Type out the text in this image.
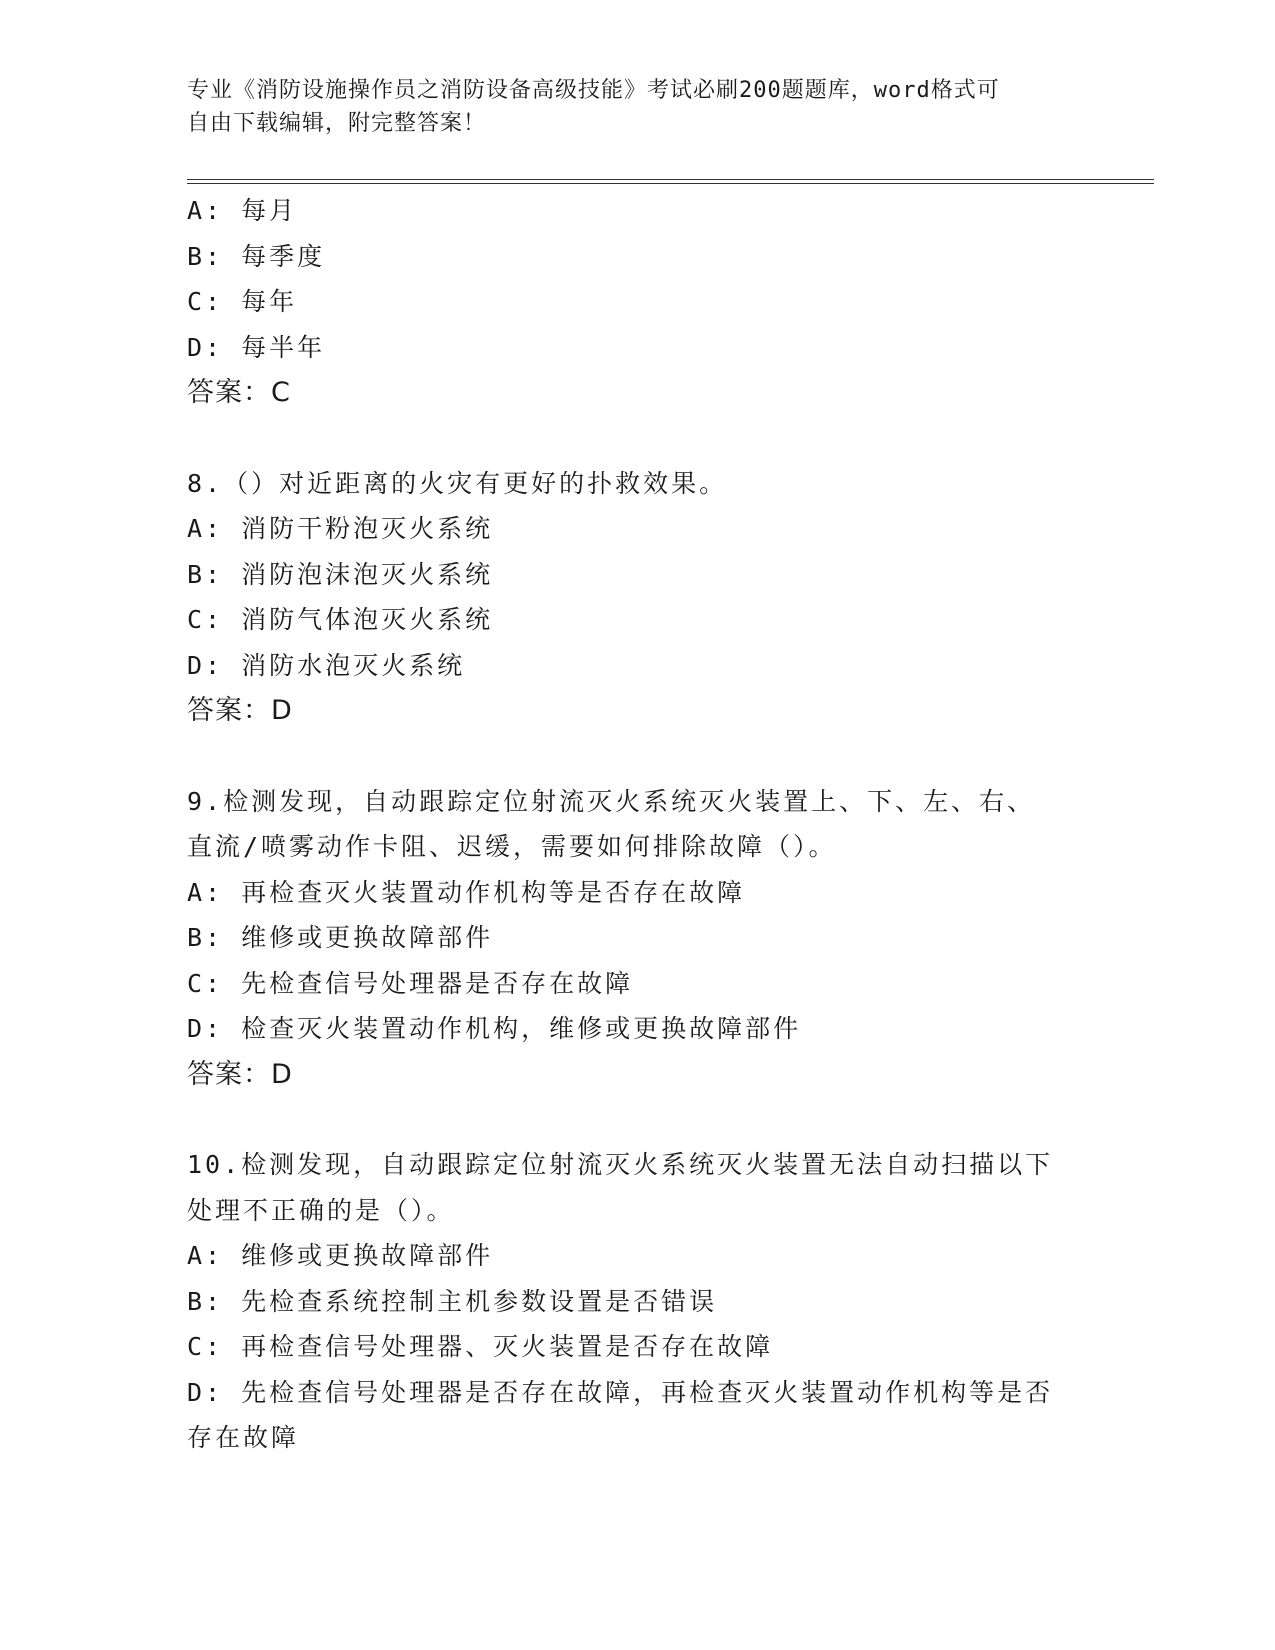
专业《消防设施操作员之消防设备高级技能》考试必刷200题题库，word格式可
自由下载编辑，附完整答案！
A: 每月
B: 每季度
C: 每年
D: 每半年
答案：C
8.（）对近距离的火灾有更好的扑救效果。
A: 消防干粉泡灭火系统
B: 消防泡沫泡灭火系统
C: 消防气体泡灭火系统
D: 消防水泡灭火系统
答案：D
9.检测发现，自动跟踪定位射流灭火系统灭火装置上、下、左、右、
直流/喷雾动作卡阻、迟缓，需要如何排除故障（）。
A: 再检查灭火装置动作机构等是否存在故障
B: 维修或更换故障部件
C: 先检查信号处理器是否存在故障
D: 检查灭火装置动作机构，维修或更换故障部件
答案：D
10.检测发现，自动跟踪定位射流灭火系统灭火装置无法自动扫描以下
处理不正确的是（）。
A: 维修或更换故障部件
B: 先检查系统控制主机参数设置是否错误
C: 再检查信号处理器、灭火装置是否存在故障
D: 先检查信号处理器是否存在故障，再检查灭火装置动作机构等是否
存在故障
